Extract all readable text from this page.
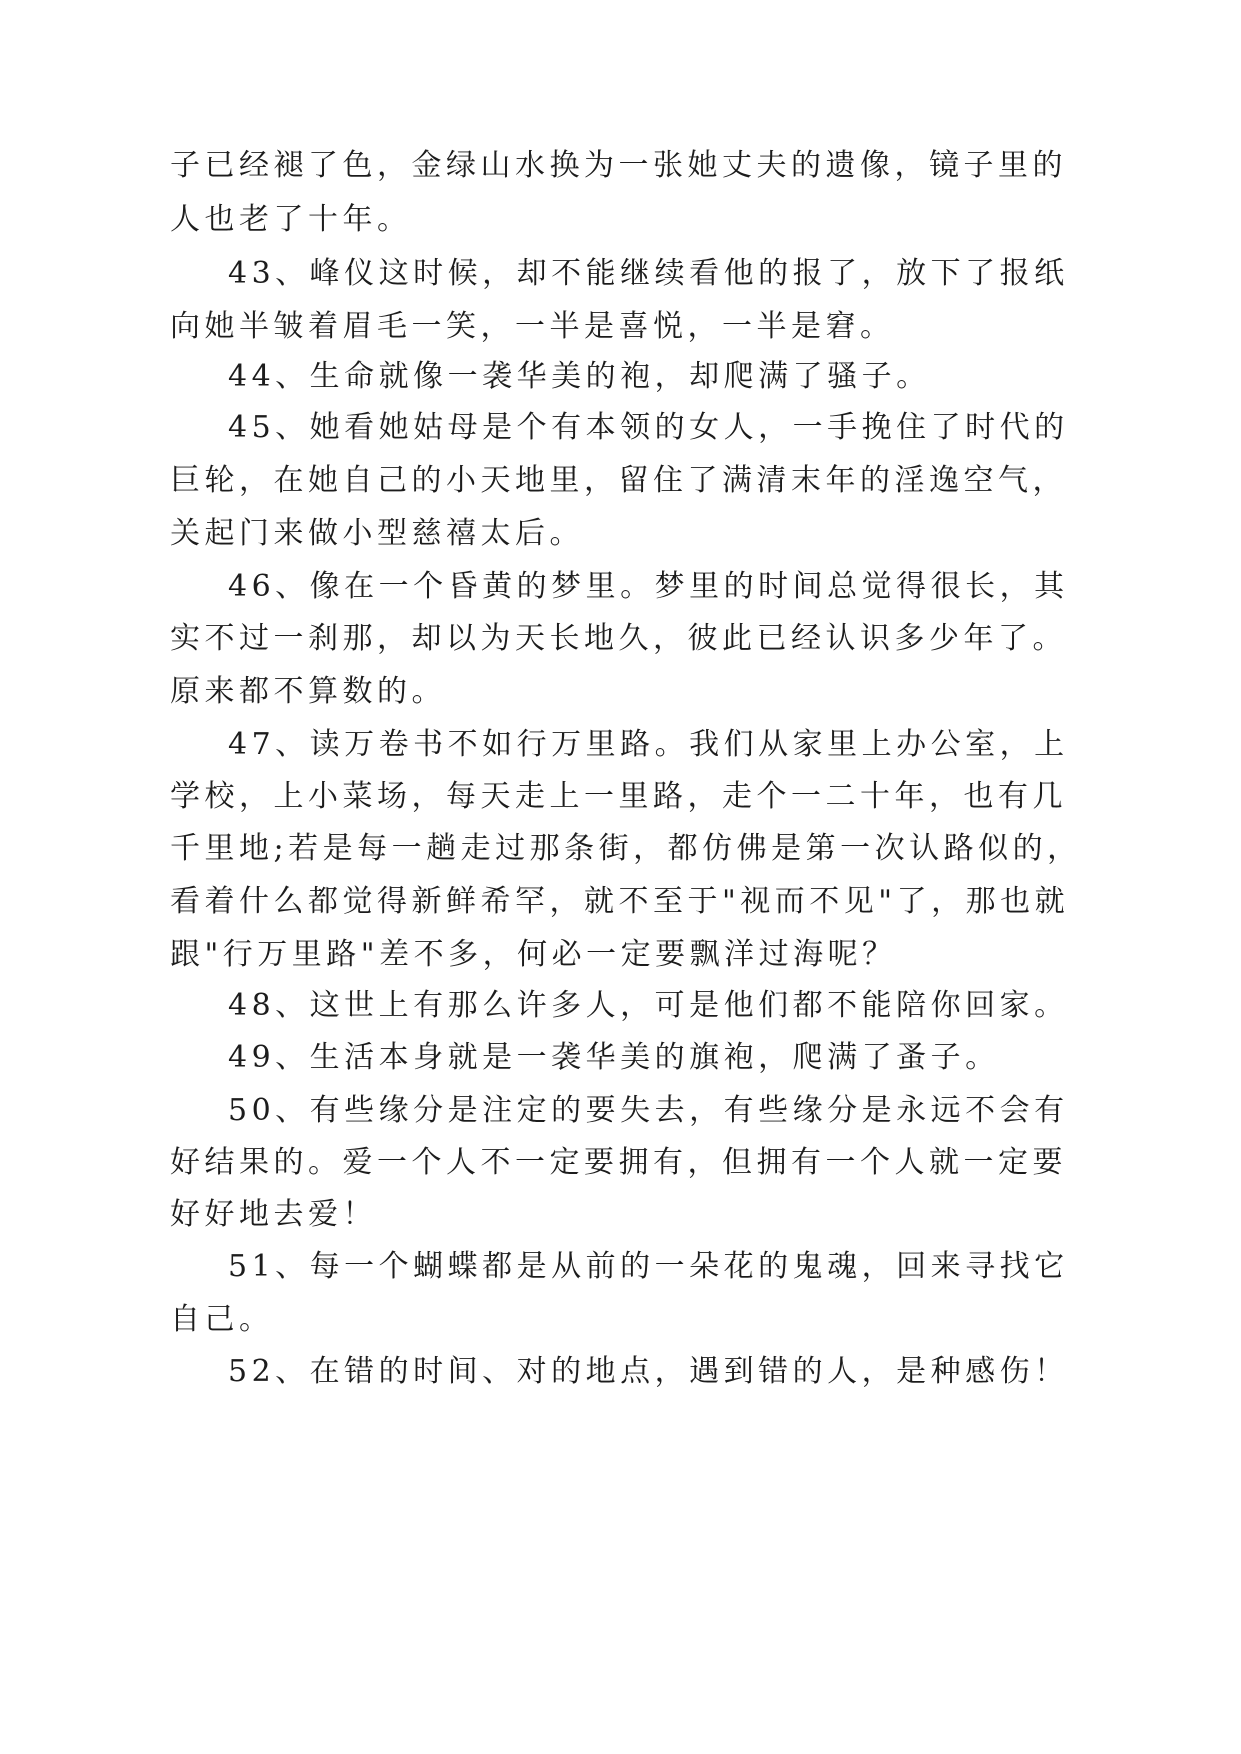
子已经褪了色，金绿山水换为一张她丈夫的遗像，镜子里的
人也老了十年。
43、峰仪这时候，却不能继续看他的报了，放下了报纸
向她半皱着眉毛一笑，一半是喜悦，一半是窘。
44、生命就像一袭华美的袍，却爬满了骚子。
45、她看她姑母是个有本领的女人，一手挽住了时代的
巨轮，在她自己的小天地里，留住了满清末年的淫逸空气，
关起门来做小型慈禧太后。
46、像在一个昏黄的梦里。梦里的时间总觉得很长，其
实不过一刹那，却以为天长地久，彼此已经认识多少年了。
原来都不算数的。
47、读万卷书不如行万里路。我们从家里上办公室，上
学校，上小菜场，每天走上一里路，走个一二十年，也有几
千里地;若是每一趟走过那条街，都仿佛是第一次认路似的，
看着什么都觉得新鲜希罕，就不至于"视而不见"了，那也就
跟"行万里路"差不多，何必一定要飘洋过海呢？
48、这世上有那么许多人，可是他们都不能陪你回家。
49、生活本身就是一袭华美的旗袍，爬满了蚤子。
50、有些缘分是注定的要失去，有些缘分是永远不会有
好结果的。爱一个人不一定要拥有，但拥有一个人就一定要
好好地去爱！
51、每一个蝴蝶都是从前的一朵花的鬼魂，回来寻找它
自己。
52、在错的时间、对的地点，遇到错的人，是种感伤！
